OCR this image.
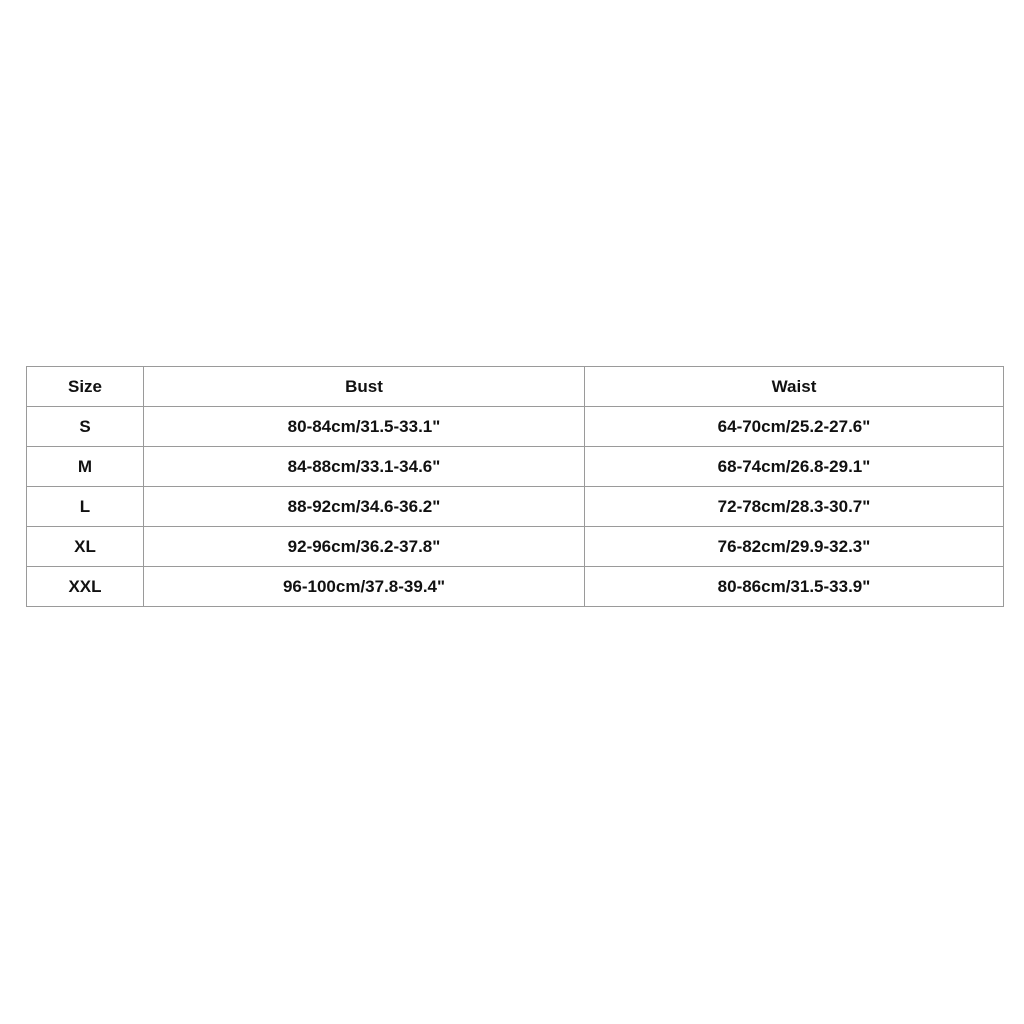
Size	Bust	Waist
S	80-84cm/31.5-33.1"	64-70cm/25.2-27.6"
M	84-88cm/33.1-34.6"	68-74cm/26.8-29.1"
L	88-92cm/34.6-36.2"	72-78cm/28.3-30.7"
XL	92-96cm/36.2-37.8"	76-82cm/29.9-32.3"
XXL	96-100cm/37.8-39.4"	80-86cm/31.5-33.9"
